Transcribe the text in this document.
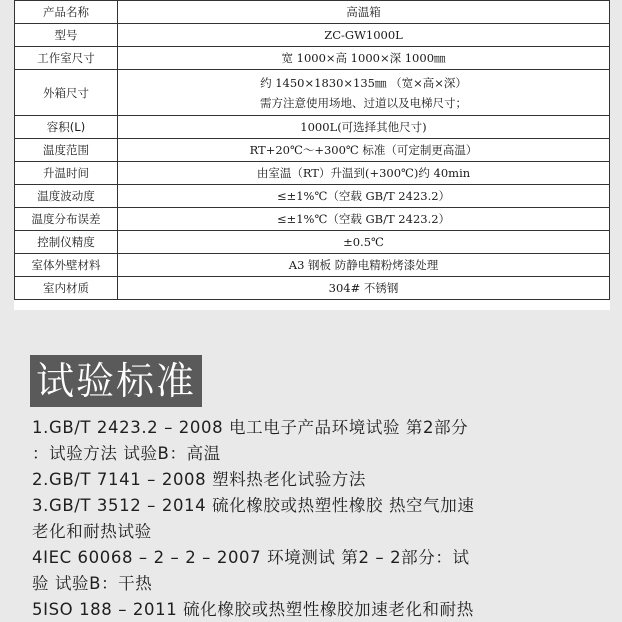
产品名称	高温箱
型号	ZC-GW1000L
工作室尺寸	宽 1000×高 1000×深 1000㎜
外箱尺寸	约 1450×1830×135㎜ （宽×高×深）
需方注意使用场地、过道以及电梯尺寸；

容积(L)	1000L(可选择其他尺寸)
温度范围	RT+20℃～+300℃ 标准（可定制更高温）
升温时间	由室温（RT）升温到(+300℃)约 40min
温度波动度	≤±1%℃（空载 GB/T 2423.2）
温度分布误差	≤±1%℃（空载 GB/T 2423.2）
控制仪精度	±0.5℃
室体外壁材料	A3 钢板 防静电精粉烤漆处理
室内材质	304# 不锈钢
试验标准
1.GB/T 2423.2 – 2008 电工电子产品环境试验 第2部分
：试验方法 试验B：高温
2.GB/T 7141 – 2008 塑料热老化试验方法
3.GB/T 3512 – 2014 硫化橡胶或热塑性橡胶 热空气加速
老化和耐热试验
4IEC 60068 – 2 – 2 – 2007 环境测试 第2 – 2部分：试
验 试验B：干热
5ISO 188 – 2011 硫化橡胶或热塑性橡胶加速老化和耐热
